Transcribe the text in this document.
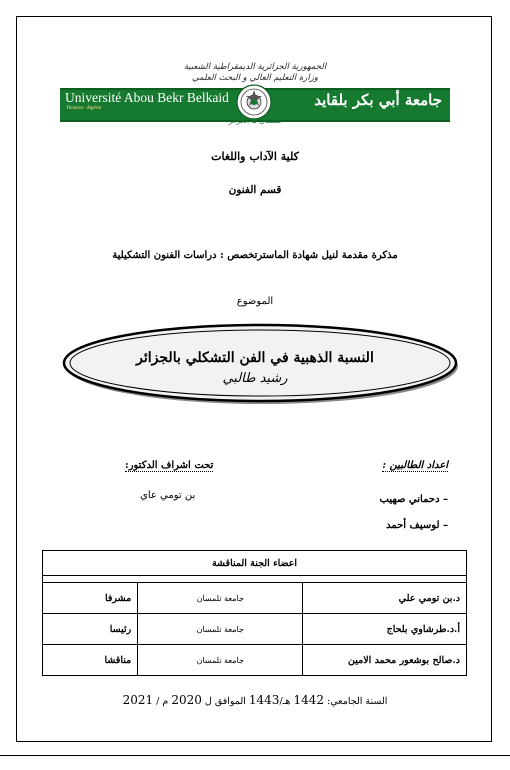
الجمهورية الجزائرية الديمقراطية الشعبية
وزارة التعليم العالي و البحث العلمي
Université Abou Bekr Belkaid
Tlemcen · Algérie	جامعة أبي بكر بلقايد
تلمسان ✿ الجزائر
كلية الآداب واللغات
قسم الفنون
مذكرة مقدمة لنيل شهادة الماسترتخصص : دراسات الفنون التشكيلية
الموضوع
النسبة الذهبية في الفن التشكلي بالجزائر
رشيد طالبي
اعداد الطالبين :
– دحماني صهيب
– لوسيف أحمد
تحت اشراف الدكتور:
بن تومي عاي
اعضاء الجنة المناقشة		

د.بن تومي علي	جامعة تلمسان	مشرفا
أ.د.طرشاوي بلحاج	جامعة تلمسان	رئيسا
د.صالح بوشعور محمد الامين	جامعة تلمسان	مناقشا
السنة الجامعي: 1442 هـ/1443 الموافق ل 2020 م / 2021
